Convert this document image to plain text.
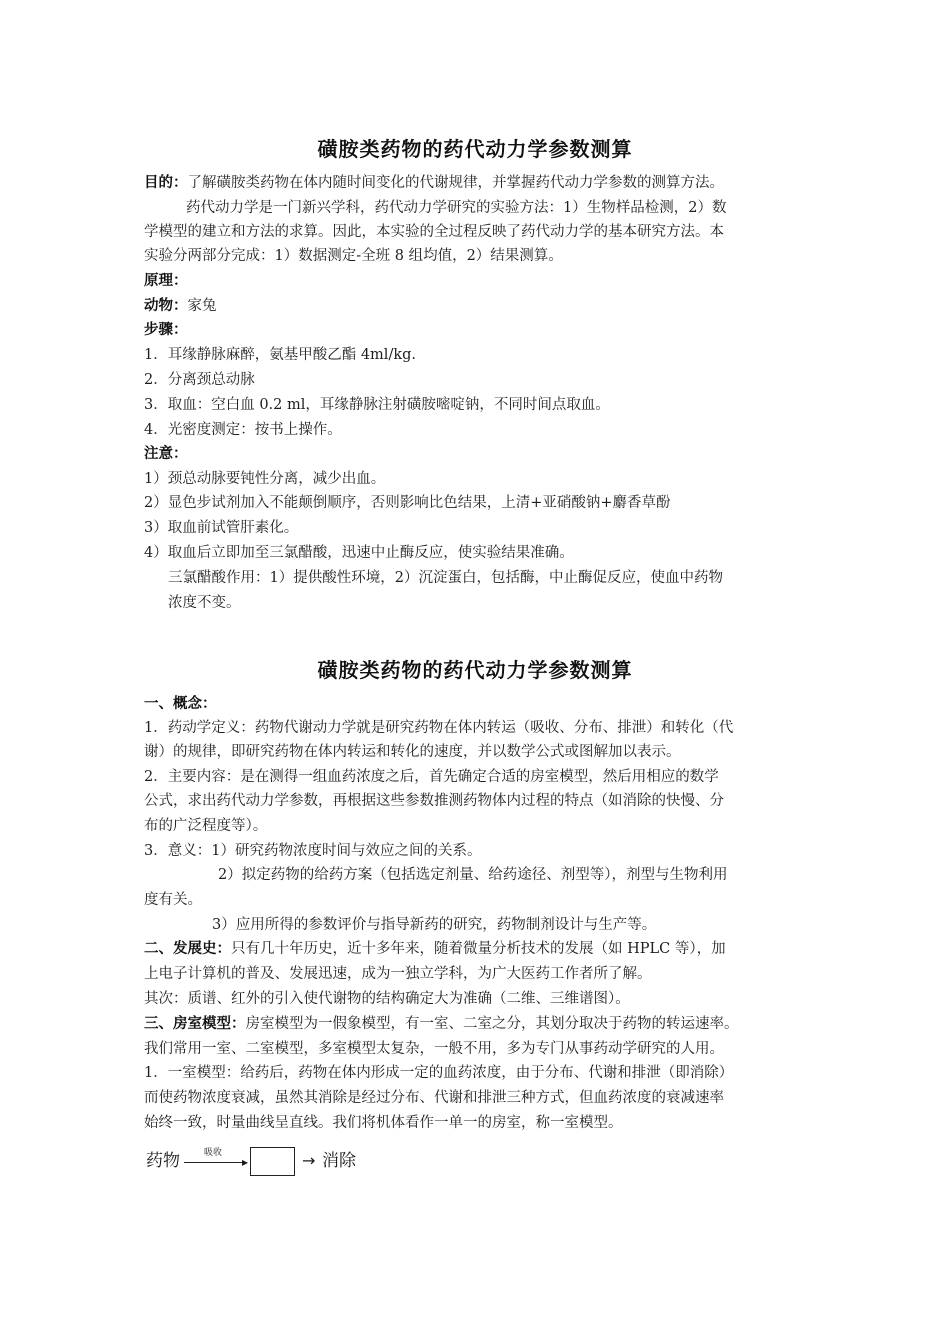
磺胺类药物的药代动力学参数测算
目的：了解磺胺类药物在体内随时间变化的代谢规律，并掌握药代动力学参数的测算方法。
药代动力学是一门新兴学科，药代动力学研究的实验方法：1）生物样品检测，2）数
学模型的建立和方法的求算。因此，本实验的全过程反映了药代动力学的基本研究方法。本
实验分两部分完成：1）数据测定-全班 8 组均值，2）结果测算。
原理：
动物：家兔
步骤：
1．耳缘静脉麻醉，氨基甲酸乙酯 4ml/kg.
2．分离颈总动脉
3．取血：空白血 0.2 ml，耳缘静脉注射磺胺嘧啶钠，不同时间点取血。
4．光密度测定：按书上操作。
注意：
1）颈总动脉要钝性分离，减少出血。
2）显色步试剂加入不能颠倒顺序，否则影响比色结果，上清+亚硝酸钠+麝香草酚
3）取血前试管肝素化。
4）取血后立即加至三氯醋酸，迅速中止酶反应，使实验结果准确。
三氯醋酸作用：1）提供酸性环境，2）沉淀蛋白，包括酶，中止酶促反应，使血中药物
浓度不变。
磺胺类药物的药代动力学参数测算
一、概念：
1．药动学定义：药物代谢动力学就是研究药物在体内转运（吸收、分布、排泄）和转化（代
谢）的规律，即研究药物在体内转运和转化的速度，并以数学公式或图解加以表示。
2．主要内容：是在测得一组血药浓度之后，首先确定合适的房室模型，然后用相应的数学
公式，求出药代动力学参数，再根据这些参数推测药物体内过程的特点（如消除的快慢、分
布的广泛程度等）。
3．意义：1）研究药物浓度时间与效应之间的关系。
2）拟定药物的给药方案（包括选定剂量、给药途径、剂型等），剂型与生物利用
度有关。
3）应用所得的参数评价与指导新药的研究，药物制剂设计与生产等。
二、发展史：只有几十年历史，近十多年来，随着微量分析技术的发展（如 HPLC 等），加
上电子计算机的普及、发展迅速，成为一独立学科，为广大医药工作者所了解。
其次：质谱、红外的引入使代谢物的结构确定大为准确（二维、三维谱图）。
三、房室模型：房室模型为一假象模型，有一室、二室之分，其划分取决于药物的转运速率。
我们常用一室、二室模型，多室模型太复杂，一般不用，多为专门从事药动学研究的人用。
1．一室模型：给药后，药物在体内形成一定的血药浓度，由于分布、代谢和排泄（即消除）
而使药物浓度衰减，虽然其消除是经过分布、代谢和排泄三种方式，但血药浓度的衰减速率
始终一致，时量曲线呈直线。我们将机体看作一单一的房室，称一室模型。
药物	吸收
▸	→ 消除
